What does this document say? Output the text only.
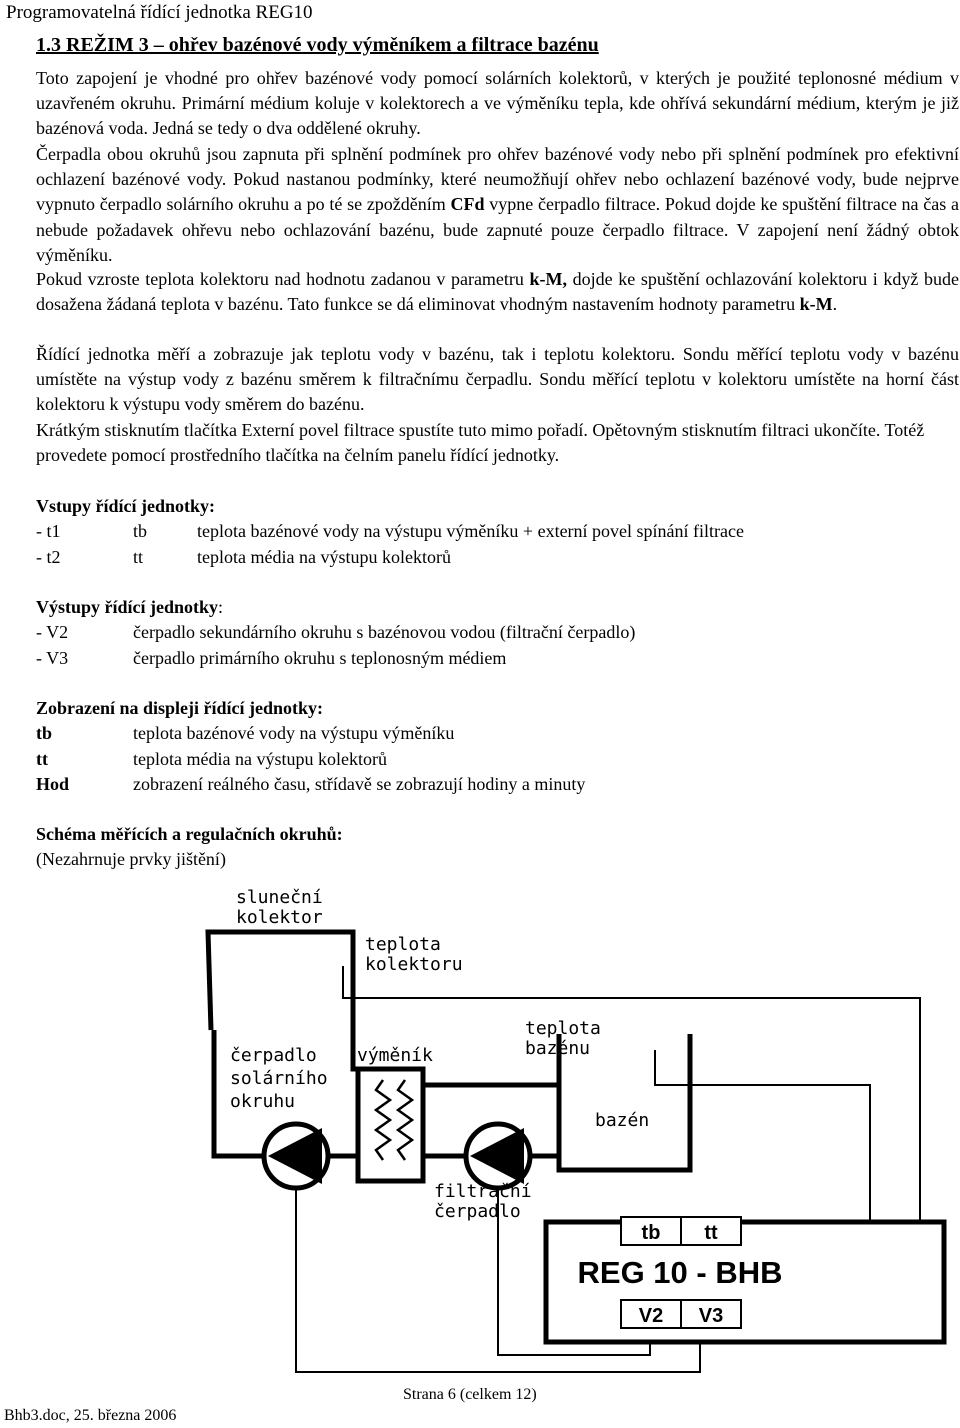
Programovatelná řídící jednotka REG10
1.3 REŽIM 3 – ohřev bazénové vody výměníkem a filtrace bazénu

Toto zapojení je vhodné pro ohřev bazénové vody pomocí solárních kolektorů, v kterých je použité teplonosné médium v uzavřeném okruhu. Primární médium koluje v kolektorech a ve výměníku tepla, kde ohřívá sekundární médium, kterým je již bazénová voda. Jedná se tedy o dva oddělené okruhy.

Čerpadla obou okruhů jsou zapnuta při splnění podmínek pro ohřev bazénové vody nebo při splnění podmínek pro efektivní ochlazení bazénové vody. Pokud nastanou podmínky, které neumožňují ohřev nebo ochlazení bazénové vody, bude nejprve vypnuto čerpadlo solárního okruhu a po té se zpožděním CFd vypne čerpadlo filtrace. Pokud dojde ke spuštění filtrace na čas a nebude požadavek ohřevu nebo ochlazování bazénu, bude zapnuté pouze čerpadlo filtrace. V zapojení není žádný obtok výměníku.

Pokud vzroste teplota kolektoru nad hodnotu zadanou v parametru k-M, dojde ke spuštění ochlazování kolektoru i když bude dosažena žádaná teplota v bazénu. Tato funkce se dá eliminovat vhodným nastavením hodnoty parametru k-M.

Řídící jednotka měří a zobrazuje jak teplotu vody v bazénu, tak i teplotu kolektoru. Sondu měřící teplotu vody v bazénu umístěte na výstup vody z bazénu směrem k filtračnímu čerpadlu. Sondu měřící teplotu v kolektoru umístěte na horní část kolektoru k výstupu vody směrem do bazénu.

Krátkým stisknutím tlačítka Externí povel filtrace spustíte tuto mimo pořadí. Opětovným stisknutím filtraci ukončíte. Totéž provedete pomocí prostředního tlačítka na čelním panelu řídící jednotky.

Vstupy řídící jednotky:
- t1	tb	teplota bazénové vody na výstupu výměníku + externí povel spínání filtrace
- t2	tt	teplota média na výstupu kolektorů
Výstupy řídící jednotky:
- V2	čerpadlo sekundárního okruhu s bazénovou vodou (filtrační čerpadlo)
- V3	čerpadlo primárního okruhu s teplonosným médiem
Zobrazení na displeji řídící jednotky:
tb	teplota bazénové vody na výstupu výměníku
tt	teplota média na výstupu kolektorů
Hod	zobrazení reálného času, střídavě se zobrazují hodiny a minuty
Schéma měřících a regulačních okruhů:
(Nezahrnuje prvky jištění)
tb tt
REG 10 - BHB
V2 V3
sluneční
kolektor
teplota
kolektoru
čerpadlo
solárního
okruhu
výměník
teplota
bazénu
bazén
filtrační
čerpadlo
Strana 6 (celkem 12)
Bhb3.doc, 25. března 2006
